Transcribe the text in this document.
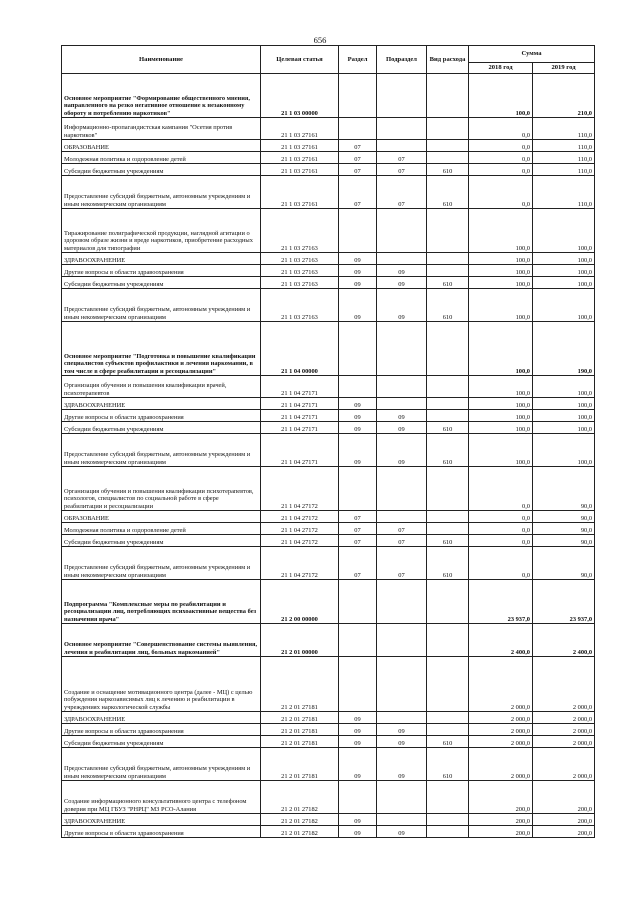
656
Наименование	Целевая статья	Раздел	Подраздел	Вид расхода	Сумма	
					2018 год	2019 год
Основное мероприятие "Формирование общественного мнения, направленного на резко негативное отношение к незаконному обороту и потреблению наркотиков"	21 1 03 00000				100,0	210,0
Информационно-пропагандистская кампания "Осетия против наркотиков"	21 1 03 27161				0,0	110,0
ОБРАЗОВАНИЕ	21 1 03 27161	07			0,0	110,0
Молодежная политика и оздоровление детей	21 1 03 27161	07	07		0,0	110,0
Субсидии бюджетным учреждениям	21 1 03 27161	07	07	610	0,0	110,0
Предоставление субсидий бюджетным, автономным учреждениям и иным некоммерческим организациям	21 1 03 27161	07	07	610	0,0	110,0
Тиражирование полиграфической продукции, наглядной агитации о здоровом образе жизни и вреде наркотиков, приобретение расходных материалов для типографии	21 1 03 27163				100,0	100,0
ЗДРАВООХРАНЕНИЕ	21 1 03 27163	09			100,0	100,0
Другие вопросы в области здравоохранения	21 1 03 27163	09	09		100,0	100,0
Субсидии бюджетным учреждениям	21 1 03 27163	09	09	610	100,0	100,0
Предоставление субсидий бюджетным, автономным учреждениям и иным некоммерческим организациям	21 1 03 27163	09	09	610	100,0	100,0
Основное мероприятие "Подготовка и повышение квалификации специалистов субъектов профилактики и лечения наркомании, в том числе в сфере реабилитации и ресоциализации"	21 1 04 00000				100,0	190,0
Организация обучения и повышения квалификации врачей, психотерапевтов	21 1 04 27171				100,0	100,0
ЗДРАВООХРАНЕНИЕ	21 1 04 27171	09			100,0	100,0
Другие вопросы в области здравоохранения	21 1 04 27171	09	09		100,0	100,0
Субсидии бюджетным учреждениям	21 1 04 27171	09	09	610	100,0	100,0
Предоставление субсидий бюджетным, автономным учреждениям и иным некоммерческим организациям	21 1 04 27171	09	09	610	100,0	100,0
Организация обучения и повышения квалификации психотерапевтов, психологов, специалистов по социальной работе в сфере реабилитации и ресоциализации	21 1 04 27172				0,0	90,0
ОБРАЗОВАНИЕ	21 1 04 27172	07			0,0	90,0
Молодежная политика и оздоровление детей	21 1 04 27172	07	07		0,0	90,0
Субсидии бюджетным учреждениям	21 1 04 27172	07	07	610	0,0	90,0
Предоставление субсидий бюджетным, автономным учреждениям и иным некоммерческим организациям	21 1 04 27172	07	07	610	0,0	90,0
Подпрограмма "Комплексные меры по реабилитации и ресоциализации лиц, потребляющих психоактивные вещества без назначения врача"	21 2 00 00000				23 937,0	23 937,0
Основное мероприятие "Совершенствование системы выявления, лечения и реабилитации лиц, больных наркоманией"	21 2 01 00000				2 400,0	2 400,0
Создание и оснащение мотивационного центра (далее - МЦ) с целью побуждения наркозависимых лиц к лечению и реабилитации в учреждениях наркологической службы	21 2 01 27181				2 000,0	2 000,0
ЗДРАВООХРАНЕНИЕ	21 2 01 27181	09			2 000,0	2 000,0
Другие вопросы в области здравоохранения	21 2 01 27181	09	09		2 000,0	2 000,0
Субсидии бюджетным учреждениям	21 2 01 27181	09	09	610	2 000,0	2 000,0
Предоставление субсидий бюджетным, автономным учреждениям и иным некоммерческим организациям	21 2 01 27181	09	09	610	2 000,0	2 000,0
Создание информационного консультативного центра с телефоном доверия при МЦ ГБУЗ "РНРЦ" МЗ РСО-Алания	21 2 01 27182				200,0	200,0
ЗДРАВООХРАНЕНИЕ	21 2 01 27182	09			200,0	200,0
Другие вопросы в области здравоохранения	21 2 01 27182	09	09		200,0	200,0
